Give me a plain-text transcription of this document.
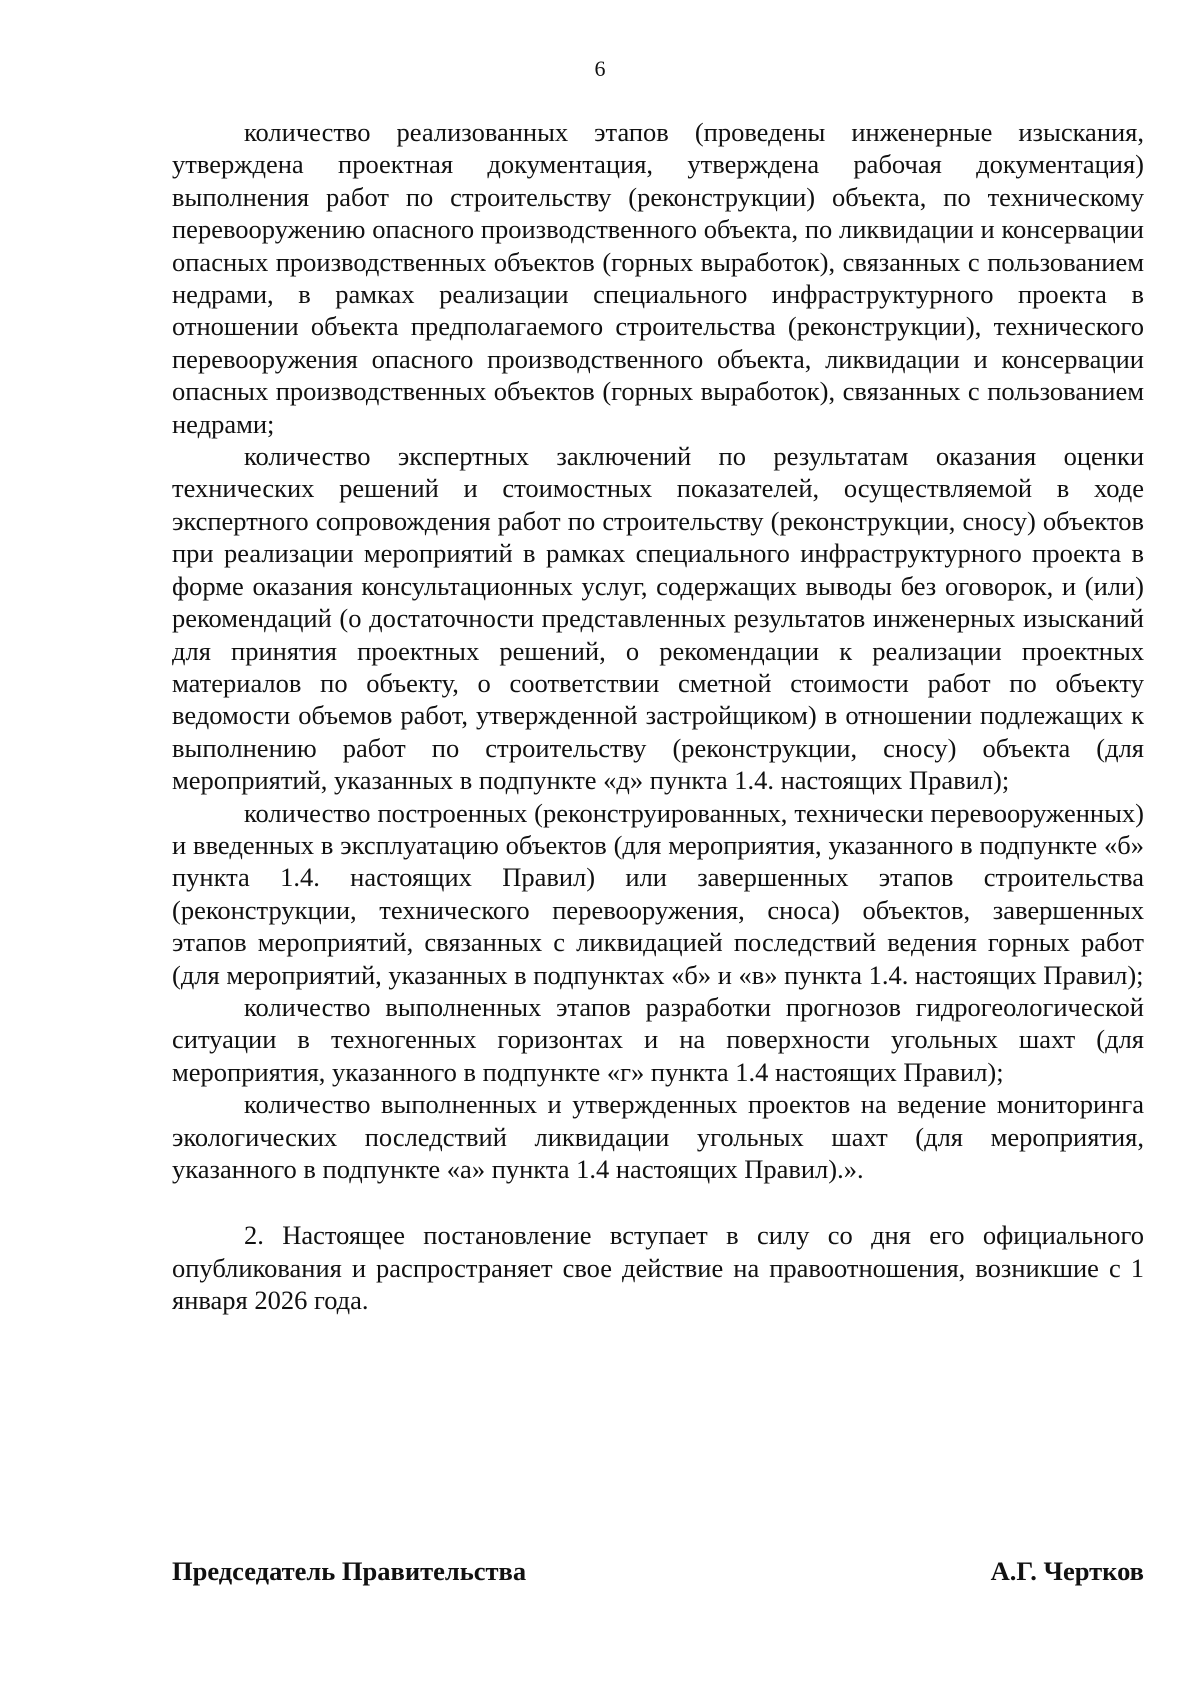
6

количество реализованных этапов (проведены инженерные изыскания, утверждена проектная документация, утверждена рабочая документация) выполнения работ по строительству (реконструкции) объекта, по техническому перевооружению опасного производственного объекта, по ликвидации и консервации опасных производственных объектов (горных выработок), связанных с пользованием недрами, в рамках реализации специального инфраструктурного проекта в отношении объекта предполагаемого строительства (реконструкции), технического перевооружения опасного производственного объекта, ликвидации и консервации опасных производственных объектов (горных выработок), связанных с пользованием недрами;

количество экспертных заключений по результатам оказания оценки технических решений и стоимостных показателей, осуществляемой в ходе экспертного сопровождения работ по строительству (реконструкции, сносу) объектов при реализации мероприятий в рамках специального инфраструктурного проекта в форме оказания консультационных услуг, содержащих выводы без оговорок, и (или) рекомендаций (о достаточности представленных результатов инженерных изысканий для принятия проектных решений, о рекомендации к реализации проектных материалов по объекту, о соответствии сметной стоимости работ по объекту ведомости объемов работ, утвержденной застройщиком) в отношении подлежащих к выполнению работ по строительству (реконструкции, сносу) объекта (для мероприятий, указанных в подпункте «д» пункта 1.4. настоящих Правил);

количество построенных (реконструированных, технически перевооруженных) и введенных в эксплуатацию объектов (для мероприятия, указанного в подпункте «б» пункта 1.4. настоящих Правил) или завершенных этапов строительства (реконструкции, технического перевооружения, сноса) объектов, завершенных этапов мероприятий, связанных с ликвидацией последствий ведения горных работ (для мероприятий, указанных в подпунктах «б» и «в» пункта 1.4. настоящих Правил);

количество выполненных этапов разработки прогнозов гидрогеологической ситуации в техногенных горизонтах и на поверхности угольных шахт (для мероприятия, указанного в подпункте «г» пункта 1.4 настоящих Правил);

количество выполненных и утвержденных проектов на ведение мониторинга экологических последствий ликвидации угольных шахт (для мероприятия, указанного в подпункте «а» пункта 1.4 настоящих Правил).».

2. Настоящее постановление вступает в силу со дня его официального опубликования и распространяет свое действие на правоотношения, возникшие с 1 января 2026 года.

Председатель Правительства	А.Г. Чертков
